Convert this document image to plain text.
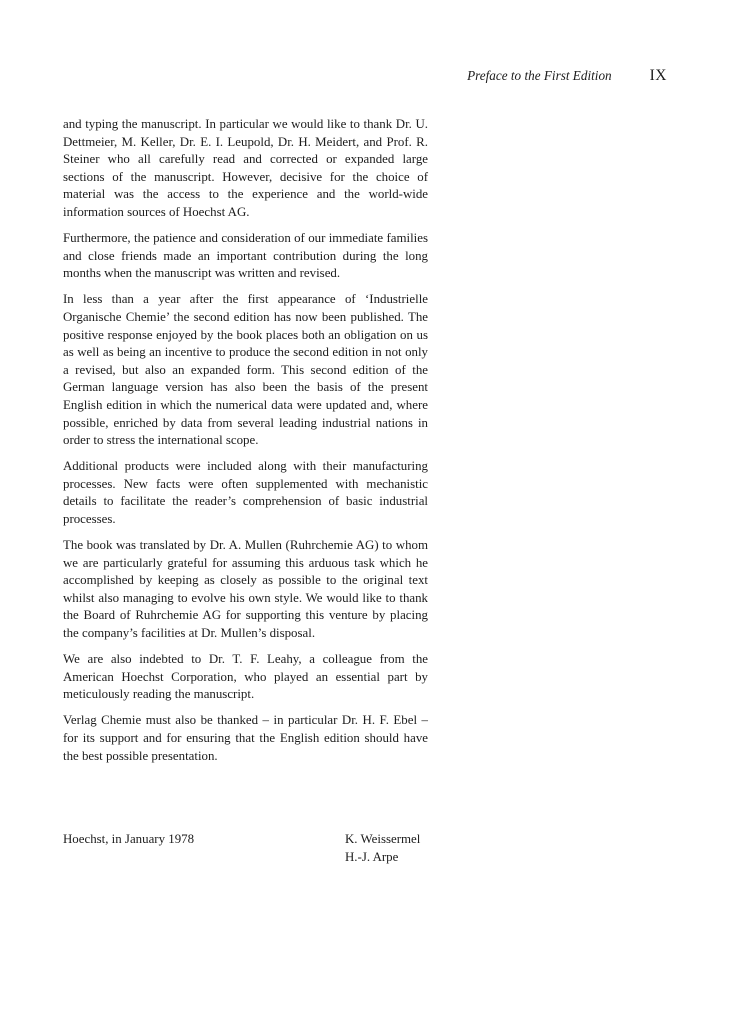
Preface to the First Edition IX

and typing the manuscript. In particular we would like to thank Dr. U. Dettmeier, M. Keller, Dr. E. I. Leupold, Dr. H. Meidert, and Prof. R. Steiner who all carefully read and corrected or expanded large sections of the manuscript. However, decisive for the choice of material was the access to the experience and the world-wide information sources of Hoechst AG.

Furthermore, the patience and consideration of our immediate families and close friends made an important contribution during the long months when the manuscript was written and revised.

In less than a year after the first appearance of ‘Industrielle Organische Chemie’ the second edition has now been published. The positive response enjoyed by the book places both an obligation on us as well as being an incentive to produce the second edition in not only a revised, but also an expanded form. This second edition of the German language version has also been the basis of the present English edition in which the numerical data were updated and, where possible, enriched by data from several leading industrial nations in order to stress the international scope.

Additional products were included along with their manufacturing processes. New facts were often supplemented with mechanistic details to facilitate the reader’s comprehension of basic industrial processes.

The book was translated by Dr. A. Mullen (Ruhrchemie AG) to whom we are particularly grateful for assuming this arduous task which he accomplished by keeping as closely as possible to the original text whilst also managing to evolve his own style. We would like to thank the Board of Ruhrchemie AG for supporting this venture by placing the company’s facilities at Dr. Mullen’s disposal.

We are also indebted to Dr. T. F. Leahy, a colleague from the American Hoechst Corporation, who played an essential part by meticulously reading the manuscript.

Verlag Chemie must also be thanked – in particular Dr. H. F. Ebel – for its support and for ensuring that the English edition should have the best possible presentation.

Hoechst, in January 1978	K. Weissermel
H.-J. Arpe
